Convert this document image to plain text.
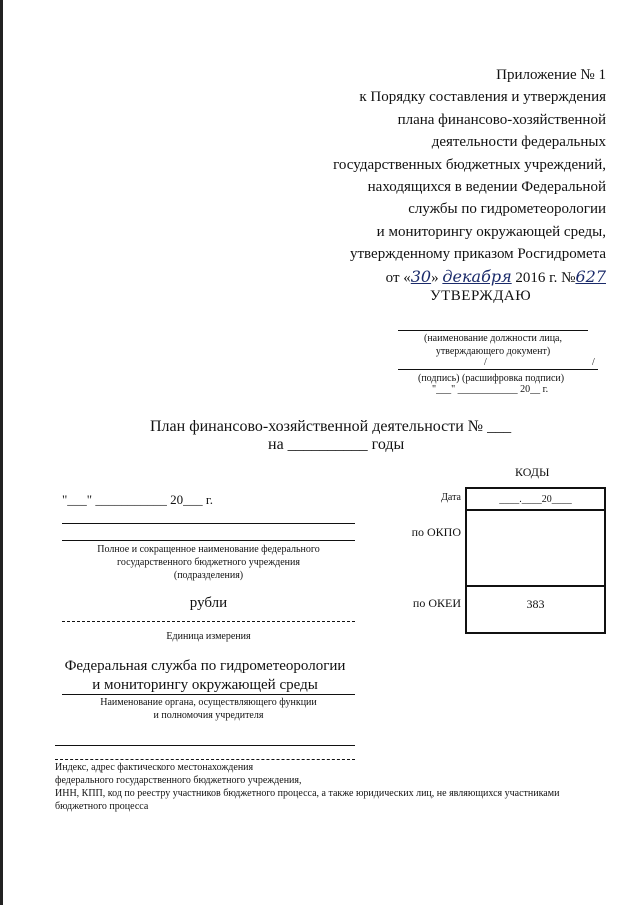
Приложение № 1
к Порядку составления и утверждения
плана финансово-хозяйственной
деятельности федеральных
государственных бюджетных учреждений,
находящихся в ведении Федеральной
службы по гидрометеорологии
и мониторингу окружающей среды,
утвержденному приказом Росгидромета
от «30» декабря 2016 г. №627
УТВЕРЖДАЮ
(наименование должности лица,
утверждающего документ)
/	/
(подпись) (расшифровка подписи)
"___" ____________ 20__ г.
План финансово-хозяйственной деятельности № ___
на __________ годы
КОДЫ
____.____20____
383
Дата
по ОКПО
по ОКЕИ
"___" ___________ 20___ г.
Полное и сокращенное наименование федерального
государственного бюджетного учреждения
(подразделения)
рубли
Единица измерения
Федеральная служба по гидрометеорологии
и мониторингу окружающей среды
Наименование органа, осуществляющего функции
и полномочия учредителя
Индекс, адрес фактического местонахождения
федерального государственного бюджетного учреждения,
ИНН, КПП, код по реестру участников бюджетного процесса, а также юридических лиц, не являющихся участниками
бюджетного процесса
